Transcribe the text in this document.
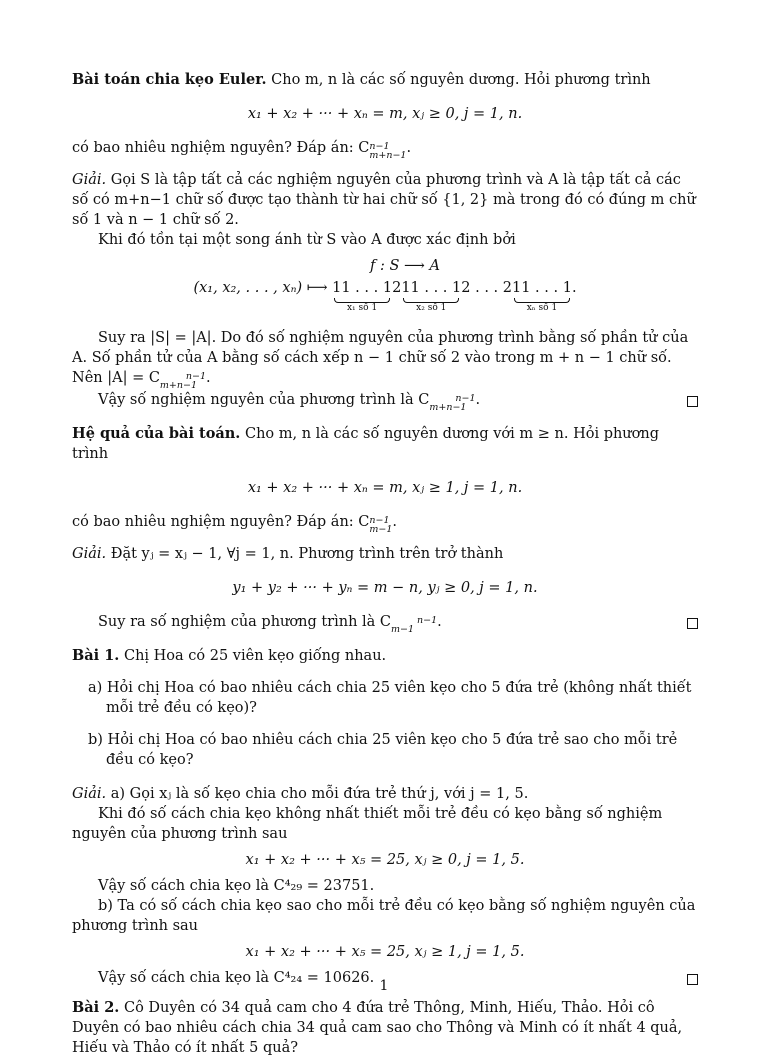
Bài toán chia kẹo Euler. Cho m, n là các số nguyên dương. Hỏi phương trình

x₁ + x₂ + ··· + xₙ = m, xⱼ ≥ 0, j = 1, n.

có bao nhiêu nghiệm nguyên? Đáp án: Cn−1
m+n−1.

Giải. Gọi S là tập tất cả các nghiệm nguyên của phương trình và A là tập tất cả các số có m+n−1 chữ số được tạo thành từ hai chữ số {1, 2} mà trong đó có đúng m chữ số 1 và n − 1 chữ số 2.

Khi đó tồn tại một song ánh từ S vào A được xác định bởi

f : S ⟶ A
(x₁, x₂, . . . , xₙ) ⟼ 11 . . . 1
x₁ số 1
211 . . . 1
x₂ số 1
2 . . . 211 . . . 1
xₙ số 1
.

Suy ra |S| = |A|. Do đó số nghiệm nguyên của phương trình bằng số phần tử của A. Số phần tử của A bằng số cách xếp n − 1 chữ số 2 vào trong m + n − 1 chữ số. Nên |A| = C	n−1
m+n−1 .

Vậy số nghiệm nguyên của phương trình là C	n−1
m+n−1 .

Hệ quả của bài toán. Cho m, n là các số nguyên dương với m ≥ n. Hỏi phương trình

x₁ + x₂ + ··· + xₙ = m, xⱼ ≥ 1, j = 1, n.

có bao nhiêu nghiệm nguyên? Đáp án: Cn−1
m−1.

Giải. Đặt yⱼ = xⱼ − 1, ∀j = 1, n. Phương trình trên trở thành

y₁ + y₂ + ··· + yₙ = m − n, yⱼ ≥ 0, j = 1, n.

Suy ra số nghiệm của phương trình là C	n−1
m−1 .

Bài 1. Chị Hoa có 25 viên kẹo giống nhau.

a) Hỏi chị Hoa có bao nhiêu cách chia 25 viên kẹo cho 5 đứa trẻ (không nhất thiết mỗi trẻ đều có kẹo)?

b) Hỏi chị Hoa có bao nhiêu cách chia 25 viên kẹo cho 5 đứa trẻ sao cho mỗi trẻ đều có kẹo?

Giải. a) Gọi xⱼ là số kẹo chia cho mỗi đứa trẻ thứ j, với j = 1, 5.

Khi đó số cách chia kẹo không nhất thiết mỗi trẻ đều có kẹo bằng số nghiệm nguyên của phương trình sau

x₁ + x₂ + ··· + x₅ = 25, xⱼ ≥ 0, j = 1, 5.

Vậy số cách chia kẹo là C⁴₂₉ = 23751.

b) Ta có số cách chia kẹo sao cho mỗi trẻ đều có kẹo bằng số nghiệm nguyên của phương trình sau

x₁ + x₂ + ··· + x₅ = 25, xⱼ ≥ 1, j = 1, 5.

Vậy số cách chia kẹo là C⁴₂₄ = 10626.

Bài 2. Cô Duyên có 34 quả cam cho 4 đứa trẻ Thông, Minh, Hiếu, Thảo. Hỏi cô Duyên có bao nhiêu cách chia 34 quả cam sao cho Thông và Minh có ít nhất 4 quả, Hiếu và Thảo có ít nhất 5 quả?

1
